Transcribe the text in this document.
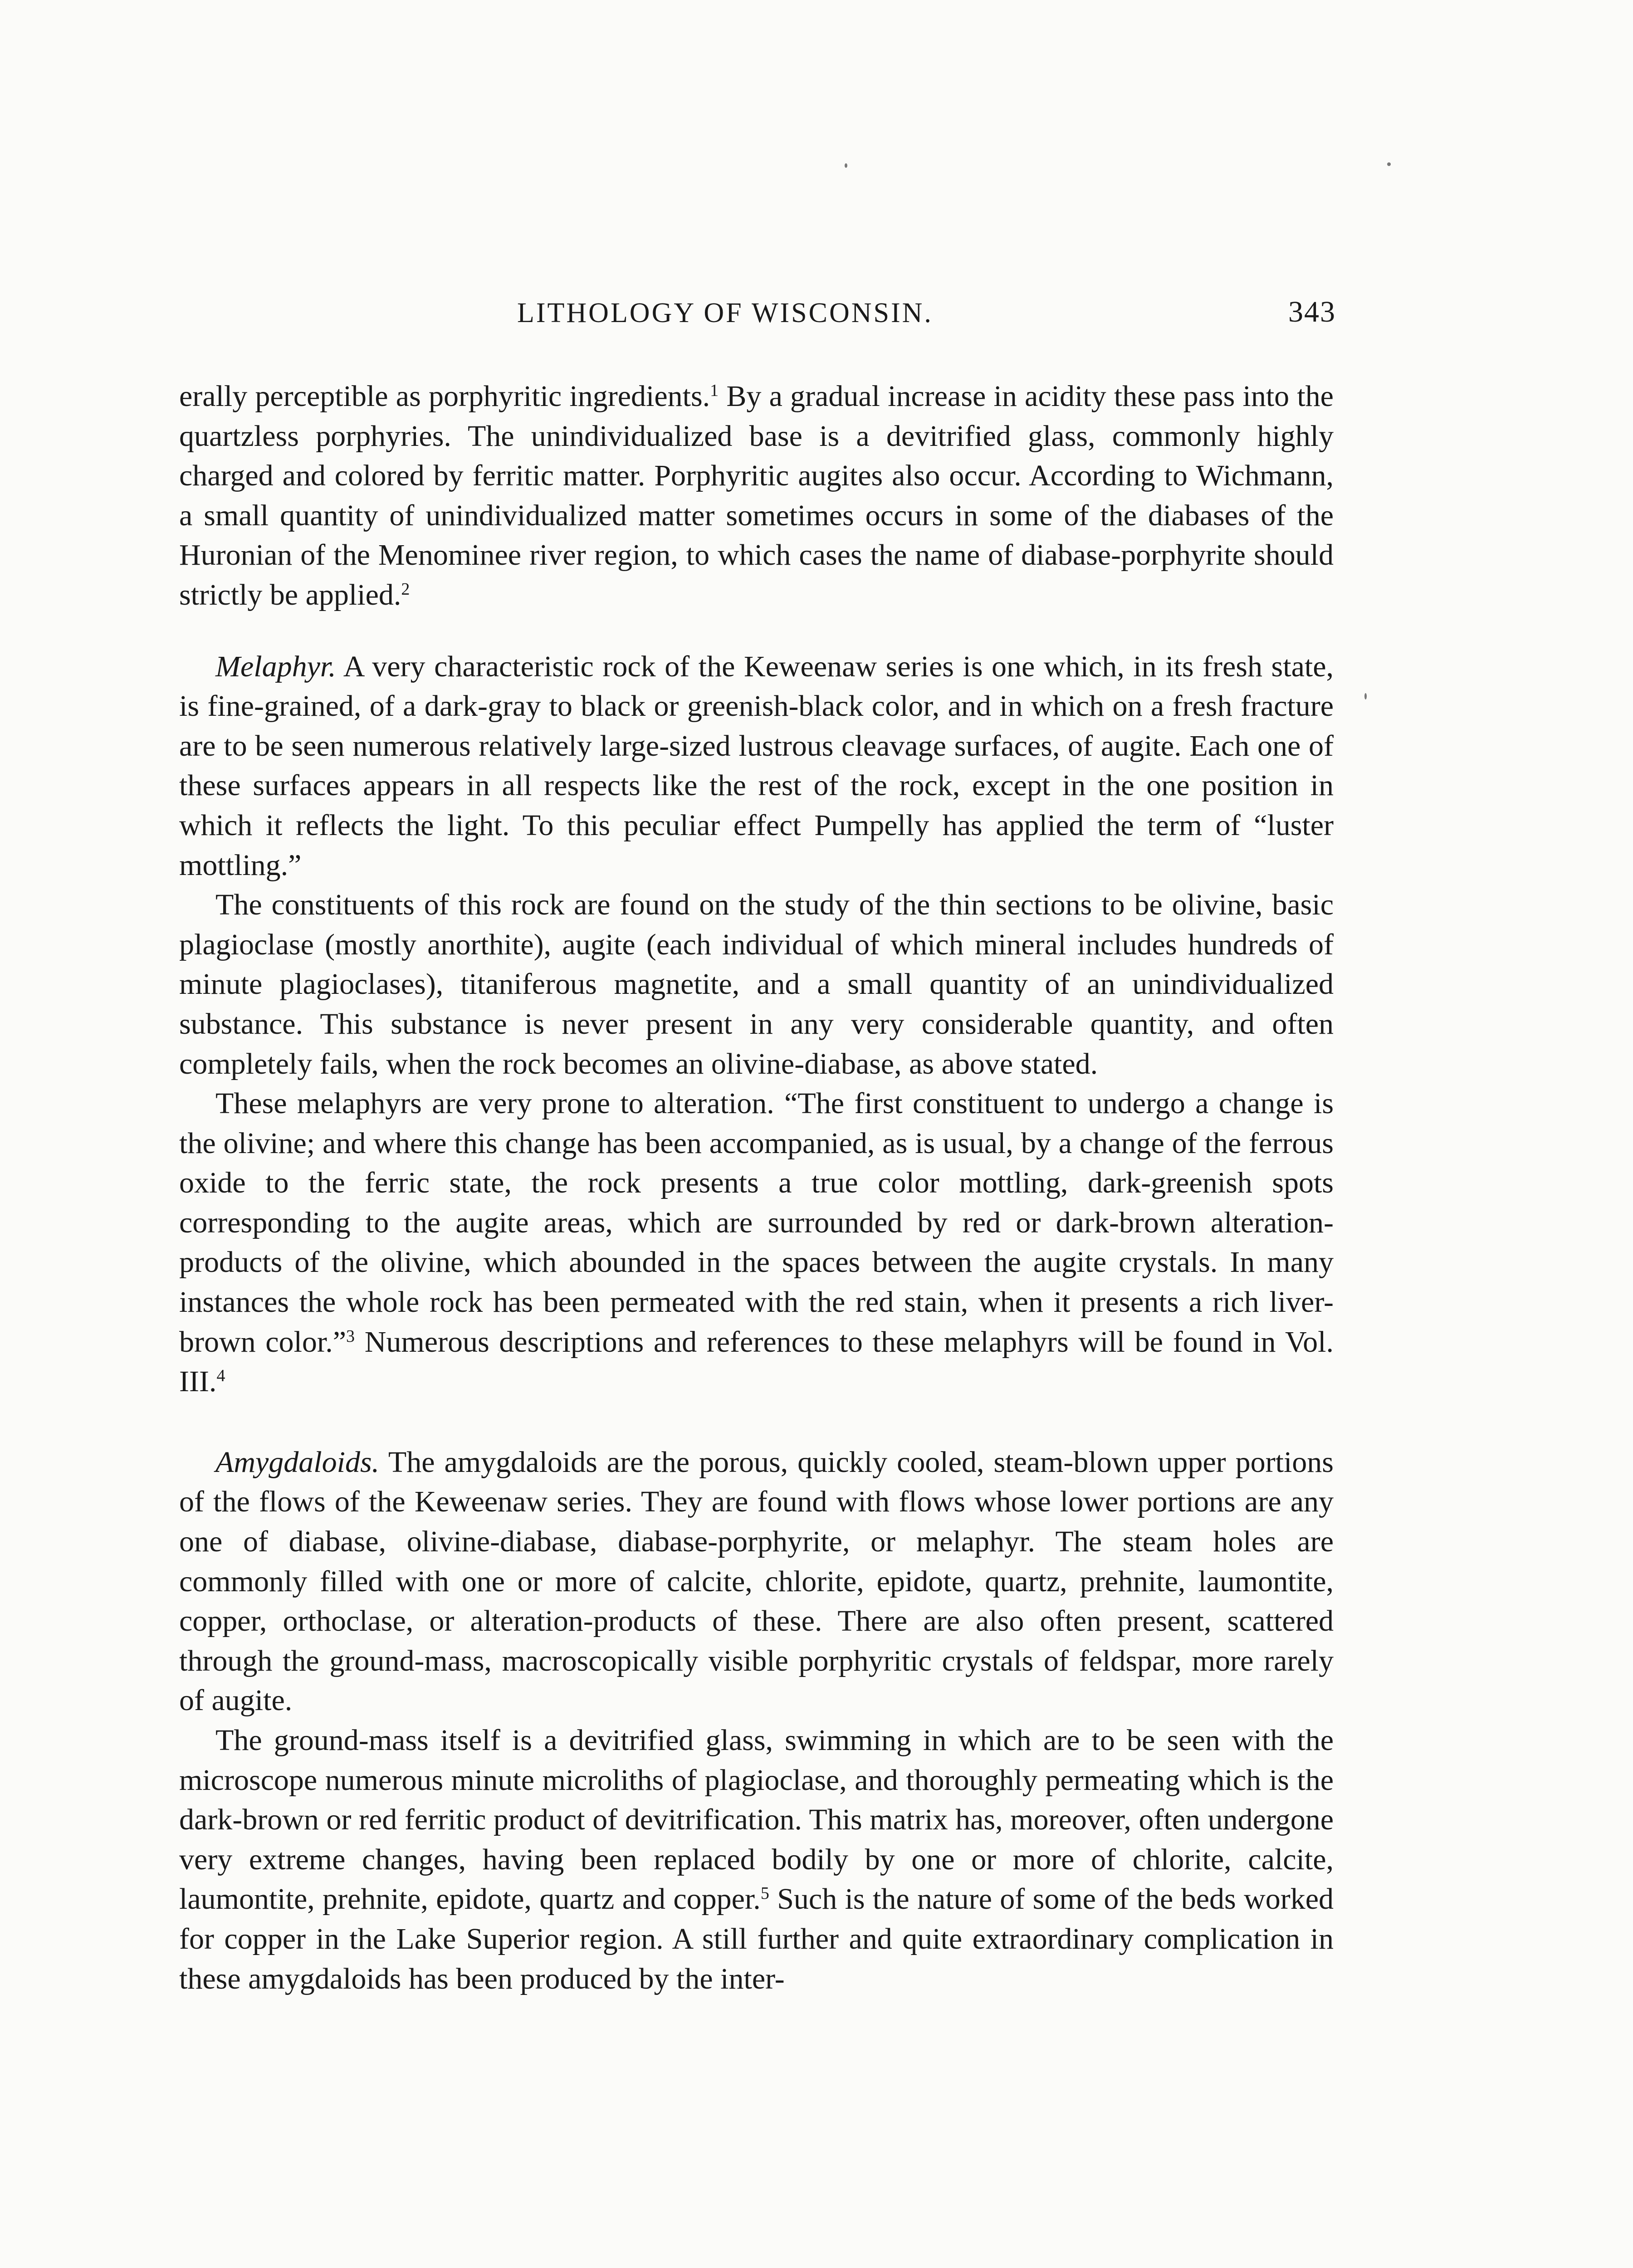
LITHOLOGY OF WISCONSIN.	343

erally perceptible as porphyritic ingredients.$^1$ By a gradual increase in acidity these pass into the quartzless porphyries. The unindividualized base is a devitrified glass, commonly highly charged and colored by ferritic matter. Porphyritic augites also occur. According to Wichmann, a small quantity of unindividualized matter sometimes occurs in some of the diabases of the Huronian of the Menominee river region, to which cases the name of diabase-porphyrite should strictly be applied.$^2$

Melaphyr. A very characteristic rock of the Keweenaw series is one which, in its fresh state, is fine-grained, of a dark-gray to black or greenish-black color, and in which on a fresh fracture are to be seen numerous relatively large-sized lustrous cleavage surfaces, of augite. Each one of these surfaces appears in all respects like the rest of the rock, except in the one position in which it reflects the light. To this peculiar effect Pumpelly has applied the term of “luster mottling.”

The constituents of this rock are found on the study of the thin sections to be olivine, basic plagioclase (mostly anorthite), augite (each individual of which mineral includes hundreds of minute plagioclases), titaniferous magnetite, and a small quantity of an unindividualized substance. This substance is never present in any very considerable quantity, and often completely fails, when the rock becomes an olivine-diabase, as above stated.

These melaphyrs are very prone to alteration. “The first constituent to undergo a change is the olivine; and where this change has been accompanied, as is usual, by a change of the ferrous oxide to the ferric state, the rock presents a true color mottling, dark-greenish spots corresponding to the augite areas, which are surrounded by red or dark-brown alteration-products of the olivine, which abounded in the spaces between the augite crystals. In many instances the whole rock has been permeated with the red stain, when it presents a rich liver-brown color.”$^3$ Numerous descriptions and references to these melaphyrs will be found in Vol. III.$^4$

Amygdaloids. The amygdaloids are the porous, quickly cooled, steam-blown upper portions of the flows of the Keweenaw series. They are found with flows whose lower portions are any one of diabase, olivine-diabase, diabase-porphyrite, or melaphyr. The steam holes are commonly filled with one or more of calcite, chlorite, epidote, quartz, prehnite, laumontite, copper, orthoclase, or alteration-products of these. There are also often present, scattered through the ground-mass, macroscopically visible porphyritic crystals of feldspar, more rarely of augite.

The ground-mass itself is a devitrified glass, swimming in which are to be seen with the microscope numerous minute microliths of plagioclase, and thoroughly permeating which is the dark-brown or red ferritic product of devitrification. This matrix has, moreover, often undergone very extreme changes, having been replaced bodily by one or more of chlorite, calcite, laumontite, prehnite, epidote, quartz and copper.$^5$ Such is the nature of some of the beds worked for copper in the Lake Superior region. A still further and quite extraordinary complication in these amygdaloids has been produced by the inter-
